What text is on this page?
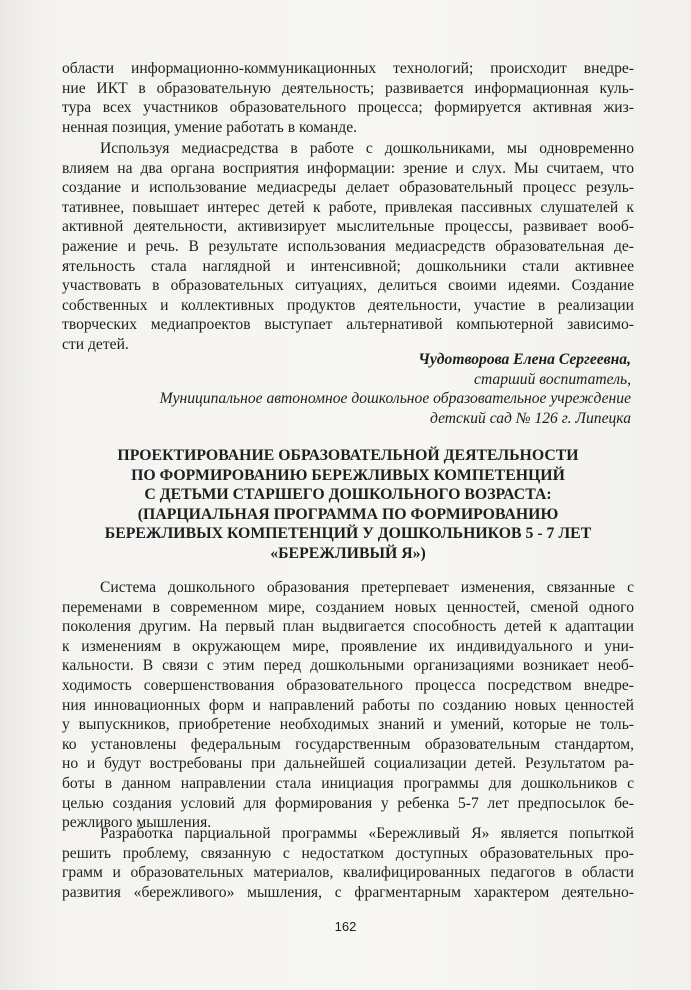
области информационно-коммуникационных технологий; происходит внедре-
ние ИКТ в образовательную деятельность; развивается информационная куль-
тура всех участников образовательного процесса; формируется активная жиз-
ненная позиция, умение работать в команде.
Используя медиасредства в работе с дошкольниками, мы одновременно
влияем на два органа восприятия информации: зрение и слух. Мы считаем, что
создание и использование медиасреды делает образовательный процесс резуль-
тативнее, повышает интерес детей к работе, привлекая пассивных слушателей к
активной деятельности, активизирует мыслительные процессы, развивает вооб-
ражение и речь. В результате использования медиасредств образовательная де-
ятельность стала наглядной и интенсивной; дошкольники стали активнее
участвовать в образовательных ситуациях, делиться своими идеями. Создание
собственных и коллективных продуктов деятельности, участие в реализации
творческих медиапроектов выступает альтернативой компьютерной зависимо-
сти детей.
Чудотворова Елена Сергеевна,
старший воспитатель,
Муниципальное автономное дошкольное образовательное учреждение
детский сад № 126 г. Липецка
ПРОЕКТИРОВАНИЕ ОБРАЗОВАТЕЛЬНОЙ ДЕЯТЕЛЬНОСТИ
ПО ФОРМИРОВАНИЮ БЕРЕЖЛИВЫХ КОМПЕТЕНЦИЙ
С ДЕТЬМИ СТАРШЕГО ДОШКОЛЬНОГО ВОЗРАСТА:
(ПАРЦИАЛЬНАЯ ПРОГРАММА ПО ФОРМИРОВАНИЮ
БЕРЕЖЛИВЫХ КОМПЕТЕНЦИЙ У ДОШКОЛЬНИКОВ 5 - 7 ЛЕТ
«БЕРЕЖЛИВЫЙ Я»)
Система дошкольного образования претерпевает изменения, связанные с
переменами в современном мире, созданием новых ценностей, сменой одного
поколения другим. На первый план выдвигается способность детей к адаптации
к изменениям в окружающем мире, проявление их индивидуального и уни-
кальности. В связи с этим перед дошкольными организациями возникает необ-
ходимость совершенствования образовательного процесса посредством внедре-
ния инновационных форм и направлений работы по созданию новых ценностей
у выпускников, приобретение необходимых знаний и умений, которые не толь-
ко установлены федеральным государственным образовательным стандартом,
но и будут востребованы при дальнейшей социализации детей. Результатом ра-
боты в данном направлении стала инициация программы для дошкольников с
целью создания условий для формирования у ребенка 5-7 лет предпосылок бе-
режливого мышления.
Разработка парциальной программы «Бережливый Я» является попыткой
решить проблему, связанную с недостатком доступных образовательных про-
грамм и образовательных материалов, квалифицированных педагогов в области
развития «бережливого» мышления, с фрагментарным характером деятельно-
162
